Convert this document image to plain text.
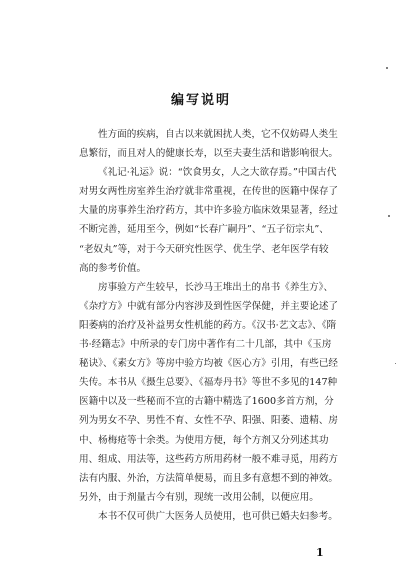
编写说明
性方面的疾病，自古以来就困扰人类，它不仅妨碍人类生
息繁衍，而且对人的健康长寿，以至夫妻生活和谐影响很大。
《礼记·礼运》说：“饮食男女，人之大欲存焉。”中国古代
对男女两性房室养生治疗就非常重视，在传世的医籍中保存了
大量的房事养生治疗药方，其中许多验方临床效果显著，经过
不断完善，延用至今，例如“长春广嗣丹”、“五子衍宗丸”、
“老奴丸”等，对于今天研究性医学、优生学、老年医学有较
高的参考价值。
房事验方产生较早，长沙马王堆出土的帛书《养生方》、
《杂疗方》中就有部分内容涉及到性医学保健，并主要论述了
阳萎病的治疗及补益男女性机能的药方。《汉书·艺文志》、《隋
书·经籍志》中所录的专门房中著作有二十几部，其中《玉房
秘诀》、《素女方》等房中验方均被《医心方》引用，有些已经
失传。本书从《摄生总要》、《福寿丹书》等世不多见的147种
医籍中以及一些秘而不宣的古籍中精选了1600多首方剂，分
列为男女不孕、男性不育、女性不孕、阳强、阳萎、遗精、房
中、杨梅疮等十余类。为使用方便，每个方剂又分列述其功
用、组成、用法等，这些药方所用药材一般不难寻觅，用药方
法有内服、外治，方法简单便易，而且多有意想不到的神效。
另外，由于剂量古今有别，现统一改用公制，以便应用。
本书不仅可供广大医务人员使用，也可供已婚夫妇参考。
1
